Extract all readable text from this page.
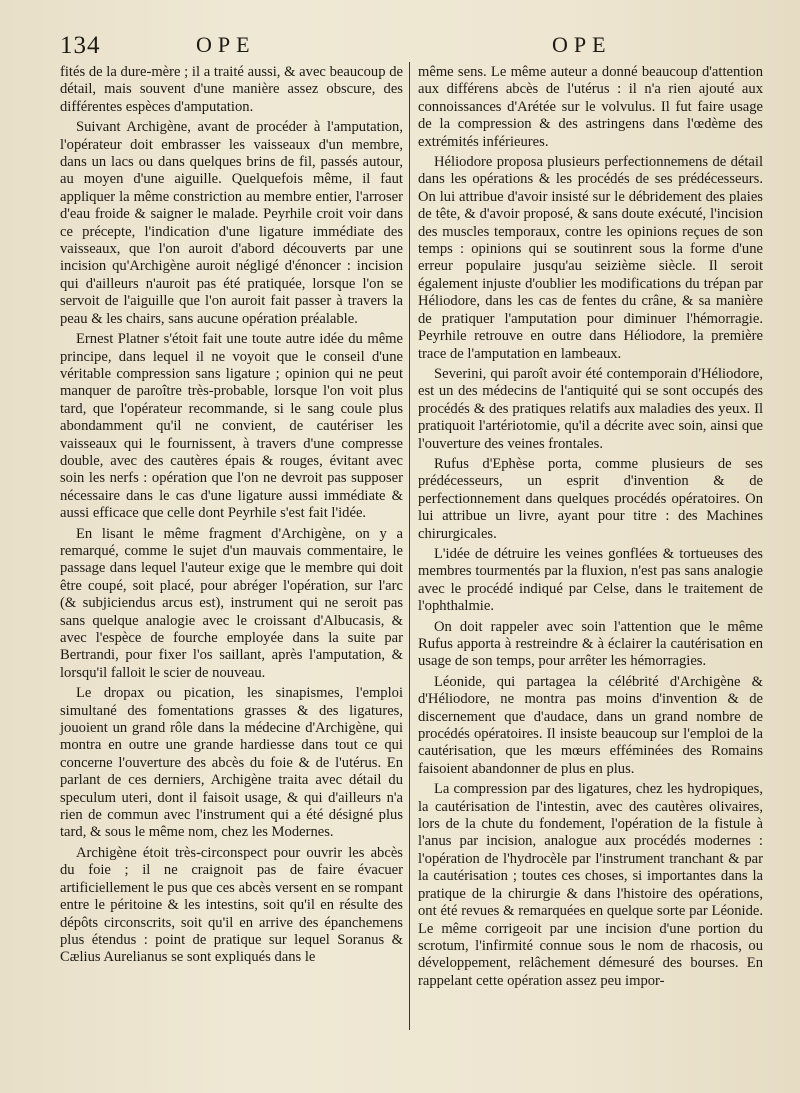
134	OPE	OPE

fités de la dure-mère ; il a traité aussi, & avec beaucoup de détail, mais souvent d'une manière assez obscure, des différentes espèces d'amputation.

Suivant Archigène, avant de procéder à l'amputation, l'opérateur doit embrasser les vaisseaux d'un membre, dans un lacs ou dans quelques brins de fil, passés autour, au moyen d'une aiguille. Quelquefois même, il faut appliquer la même constriction au membre entier, l'arroser d'eau froide & saigner le malade. Peyrhile croit voir dans ce précepte, l'indication d'une ligature immédiate des vaisseaux, que l'on auroit d'abord découverts par une incision qu'Archigène auroit négligé d'énoncer : incision qui d'ailleurs n'auroit pas été pratiquée, lorsque l'on se servoit de l'aiguille que l'on auroit fait passer à travers la peau & les chairs, sans aucune opération préalable.

Ernest Platner s'étoit fait une toute autre idée du même principe, dans lequel il ne voyoit que le conseil d'une véritable compression sans ligature ; opinion qui ne peut manquer de paroître très-probable, lorsque l'on voit plus tard, que l'opérateur recommande, si le sang coule plus abondamment qu'il ne convient, de cautériser les vaisseaux qui le fournissent, à travers d'une compresse double, avec des cautères épais & rouges, évitant avec soin les nerfs : opération que l'on ne devroit pas supposer nécessaire dans le cas d'une ligature aussi immédiate & aussi efficace que celle dont Peyrhile s'est fait l'idée.

En lisant le même fragment d'Archigène, on y a remarqué, comme le sujet d'un mauvais commentaire, le passage dans lequel l'auteur exige que le membre qui doit être coupé, soit placé, pour abréger l'opération, sur l'arc (& subjiciendus arcus est), instrument qui ne seroit pas sans quelque analogie avec le croissant d'Albucasis, & avec l'espèce de fourche employée dans la suite par Bertrandi, pour fixer l'os saillant, après l'amputation, & lorsqu'il falloit le scier de nouveau.

Le dropax ou pication, les sinapismes, l'emploi simultané des fomentations grasses & des ligatures, jouoient un grand rôle dans la médecine d'Archigène, qui montra en outre une grande hardiesse dans tout ce qui concerne l'ouverture des abcès du foie & de l'utérus. En parlant de ces derniers, Archigène traita avec détail du speculum uteri, dont il faisoit usage, & qui d'ailleurs n'a rien de commun avec l'instrument qui a été désigné plus tard, & sous le même nom, chez les Modernes.

Archigène étoit très-circonspect pour ouvrir les abcès du foie ; il ne craignoit pas de faire évacuer artificiellement le pus que ces abcès versent en se rompant entre le péritoine & les intestins, soit qu'il en résulte des dépôts circonscrits, soit qu'il en arrive des épanchemens plus étendus : point de pratique sur lequel Soranus & Cælius Aurelianus se sont expliqués dans le

même sens. Le même auteur a donné beaucoup d'attention aux différens abcès de l'utérus : il n'a rien ajouté aux connoissances d'Arétée sur le volvulus. Il fut faire usage de la compression & des astringens dans l'œdème des extrémités inférieures.

Héliodore proposa plusieurs perfectionnemens de détail dans les opérations & les procédés de ses prédécesseurs. On lui attribue d'avoir insisté sur le débridement des plaies de tête, & d'avoir proposé, & sans doute exécuté, l'incision des muscles temporaux, contre les opinions reçues de son temps : opinions qui se soutinrent sous la forme d'une erreur populaire jusqu'au seizième siècle. Il seroit également injuste d'oublier les modifications du trépan par Héliodore, dans les cas de fentes du crâne, & sa manière de pratiquer l'amputation pour diminuer l'hémorragie. Peyrhile retrouve en outre dans Héliodore, la première trace de l'amputation en lambeaux.

Severini, qui paroît avoir été contemporain d'Héliodore, est un des médecins de l'antiquité qui se sont occupés des procédés & des pratiques relatifs aux maladies des yeux. Il pratiquoit l'artériotomie, qu'il a décrite avec soin, ainsi que l'ouverture des veines frontales.

Rufus d'Ephèse porta, comme plusieurs de ses prédécesseurs, un esprit d'invention & de perfectionnement dans quelques procédés opératoires. On lui attribue un livre, ayant pour titre : des Machines chirurgicales.

L'idée de détruire les veines gonflées & tortueuses des membres tourmentés par la fluxion, n'est pas sans analogie avec le procédé indiqué par Celse, dans le traitement de l'ophthalmie.

On doit rappeler avec soin l'attention que le même Rufus apporta à restreindre & à éclairer la cautérisation en usage de son temps, pour arrêter les hémorragies.

Léonide, qui partagea la célébrité d'Archigène & d'Héliodore, ne montra pas moins d'invention & de discernement que d'audace, dans un grand nombre de procédés opératoires. Il insiste beaucoup sur l'emploi de la cautérisation, que les mœurs efféminées des Romains faisoient abandonner de plus en plus.

La compression par des ligatures, chez les hydropiques, la cautérisation de l'intestin, avec des cautères olivaires, lors de la chute du fondement, l'opération de la fistule à l'anus par incision, analogue aux procédés modernes : l'opération de l'hydrocèle par l'instrument tranchant & par la cautérisation ; toutes ces choses, si importantes dans la pratique de la chirurgie & dans l'histoire des opérations, ont été revues & remarquées en quelque sorte par Léonide. Le même corrigeoit par une incision d'une portion du scrotum, l'infirmité connue sous le nom de rhacosis, ou développement, relâchement démesuré des bourses. En rappelant cette opération assez peu impor-
